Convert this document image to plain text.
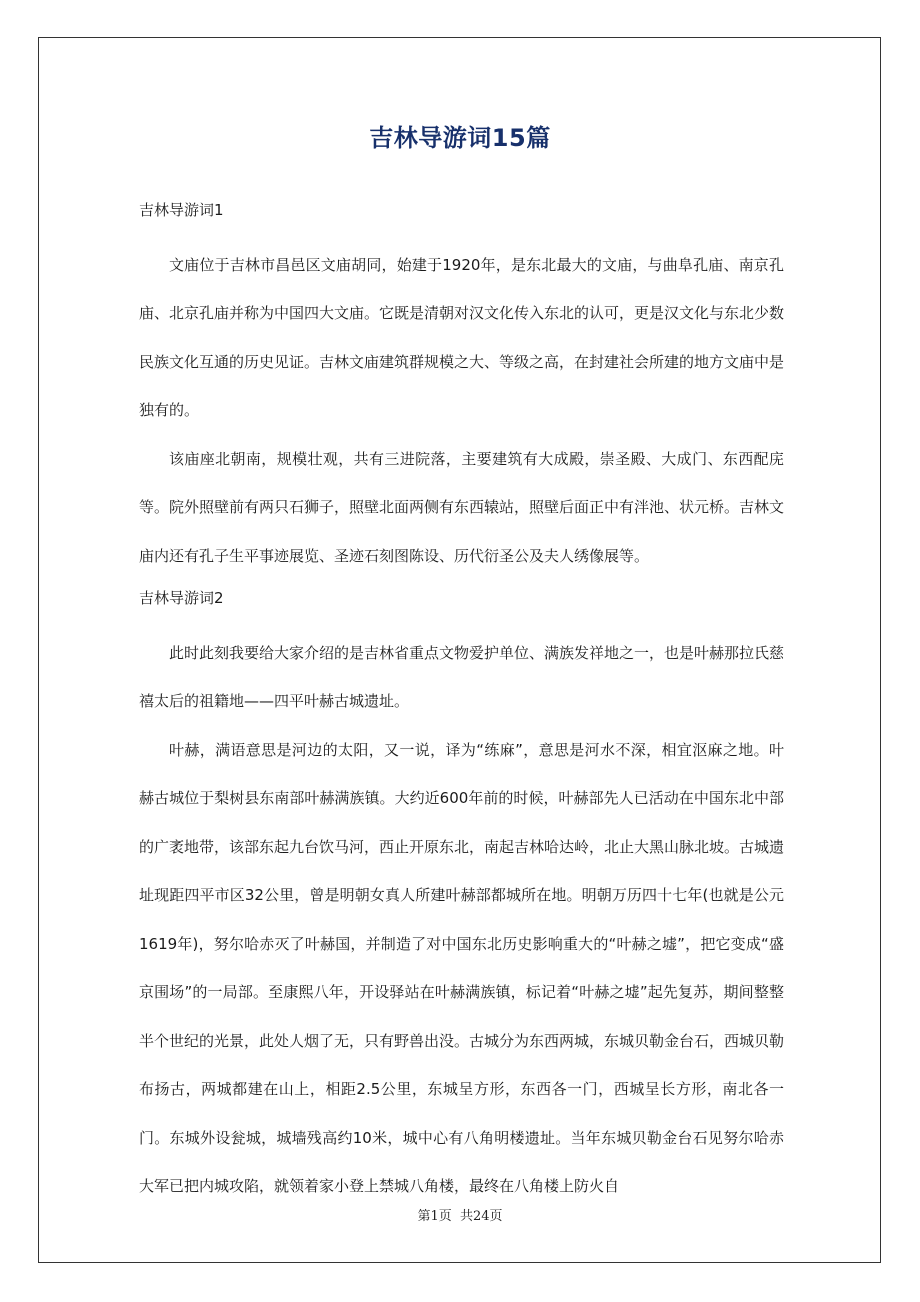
吉林导游词15篇

吉林导游词1

文庙位于吉林市昌邑区文庙胡同，始建于1920年，是东北最大的文庙，与曲阜孔庙、南京孔庙、北京孔庙并称为中国四大文庙。它既是清朝对汉文化传入东北的认可，更是汉文化与东北少数民族文化互通的历史见证。吉林文庙建筑群规模之大、等级之高，在封建社会所建的地方文庙中是独有的。

该庙座北朝南，规模壮观，共有三进院落，主要建筑有大成殿，崇圣殿、大成门、东西配庑等。院外照壁前有两只石狮子，照壁北面两侧有东西辕站，照壁后面正中有泮池、状元桥。吉林文庙内还有孔子生平事迹展览、圣迹石刻图陈设、历代衍圣公及夫人绣像展等。

吉林导游词2

此时此刻我要给大家介绍的是吉林省重点文物爱护单位、满族发祥地之一，也是叶赫那拉氏慈禧太后的祖籍地——四平叶赫古城遗址。

叶赫，满语意思是河边的太阳，又一说，译为“练麻”，意思是河水不深，相宜沤麻之地。叶赫古城位于梨树县东南部叶赫满族镇。大约近600年前的时候，叶赫部先人已活动在中国东北中部的广袤地带，该部东起九台饮马河，西止开原东北，南起吉林哈达岭，北止大黑山脉北坡。古城遗址现距四平市区32公里，曾是明朝女真人所建叶赫部都城所在地。明朝万历四十七年(也就是公元1619年)，努尔哈赤灭了叶赫国，并制造了对中国东北历史影响重大的“叶赫之墟”，把它变成“盛京围场”的一局部。至康熙八年，开设驿站在叶赫满族镇，标记着“叶赫之墟”起先复苏，期间整整半个世纪的光景，此处人烟了无，只有野兽出没。古城分为东西两城，东城贝勒金台石，西城贝勒布扬古，两城都建在山上，相距2.5公里，东城呈方形，东西各一门，西城呈长方形，南北各一门。东城外设瓮城，城墙残高约10米，城中心有八角明楼遗址。当年东城贝勒金台石见努尔哈赤大军已把内城攻陷，就领着家小登上禁城八角楼，最终在八角楼上防火自

第1页 共24页
